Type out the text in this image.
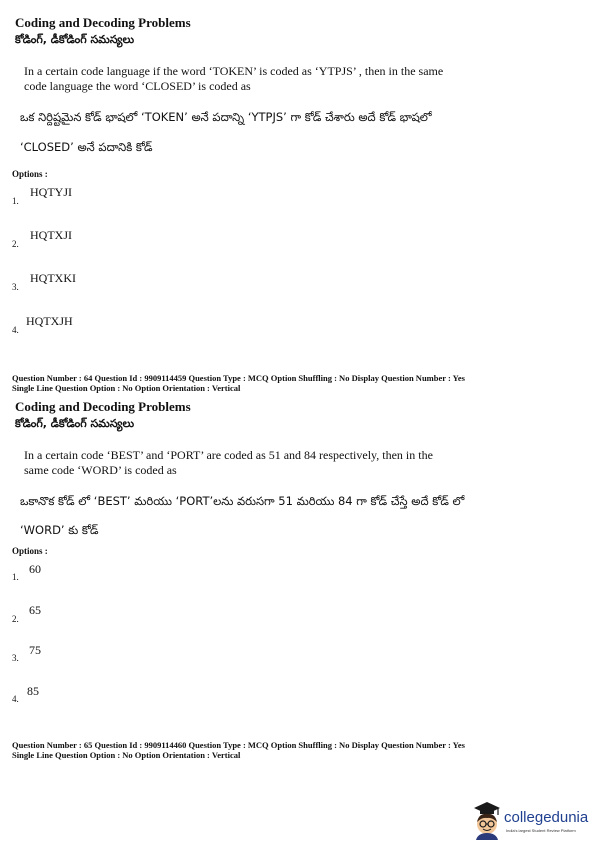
Coding and Decoding Problems
కోడింగ్, డీకోడింగ్ సమస్యలు
In a certain code language if the word ‘TOKEN’ is coded as ‘YTPJS’ , then in the same
code language the word ‘CLOSED’ is coded as
ఒక నిర్దిష్టమైన కోడ్ భాషలో ‘TOKEN’ అనే పదాన్ని ‘YTPJS’ గా కోడ్ చేశారు అదే కోడ్ భాషలో
‘CLOSED’ అనే పదానికి కోడ్
Options :
1.
HQTYJI
2.
HQTXJI
3.
HQTXKI
4.
HQTXJH
Question Number : 64 Question Id : 9909114459 Question Type : MCQ Option Shuffling : No Display Question Number : Yes
Single Line Question Option : No Option Orientation : Vertical
Coding and Decoding Problems
కోడింగ్, డీకోడింగ్ సమస్యలు
In a certain code ‘BEST’ and ‘PORT’ are coded as 51 and 84 respectively, then in the
same code ‘WORD’ is coded as
ఒకానొక కోడ్ లో ‘BEST’ మరియు ‘PORT’లను వరుసగా 51 మరియు 84 గా కోడ్ చేస్తే అదే కోడ్ లో
‘WORD’ కు కోడ్
Options :
1.
60
2.
65
3.
75
4.
85
Question Number : 65 Question Id : 9909114460 Question Type : MCQ Option Shuffling : No Display Question Number : Yes
Single Line Question Option : No Option Orientation : Vertical
collegedunia
India's largest Student Review Platform
